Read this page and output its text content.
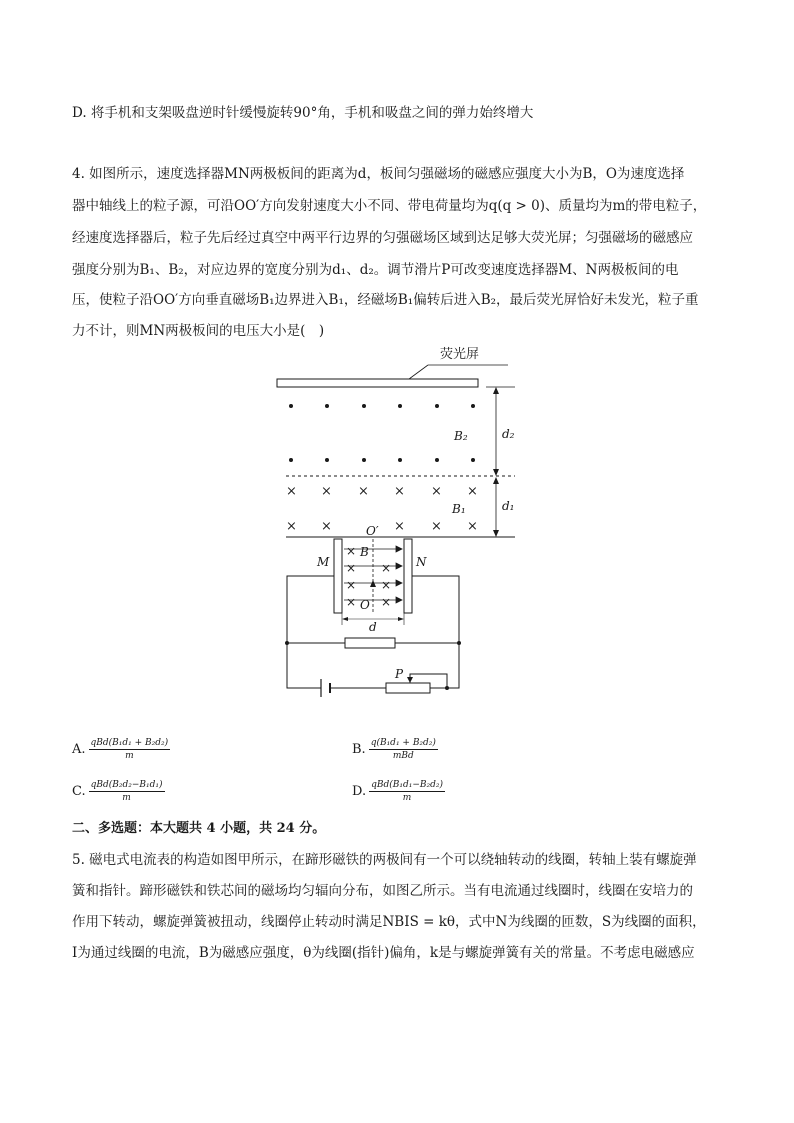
D. 将手机和支架吸盘逆时针缓慢旋转90°角，手机和吸盘之间的弹力始终增大
4. 如图所示，速度选择器MN两极板间的距离为d，板间匀强磁场的磁感应强度大小为B，O为速度选择
器中轴线上的粒子源，可沿OO′方向发射速度大小不同、带电荷量均为q(q > 0)、质量均为m的带电粒子，
经速度选择器后，粒子先后经过真空中两平行边界的匀强磁场区域到达足够大荧光屏；匀强磁场的磁感应
强度分别为B₁、B₂，对应边界的宽度分别为d₁、d₂。调节滑片P可改变速度选择器M、N两极板间的电
压，使粒子沿OO′方向垂直磁场B₁边界进入B₁，经磁场B₁偏转后进入B₂，最后荧光屏恰好未发光，粒子重
力不计，则MN两极板间的电压大小是(　)
荧光屏
B₂
× × × × × ×
× ×	× × ×
B₁
O′
d₂
d₁
M	N
×
×
×
×
×
×
×
B
O
d
P
A. $\frac{\text{qBd(B₁d₁ + B₂d₂)}}{m}$	B. $\frac{\text{q(B₁d₁ + B₂d₂)}}{\text{mBd}}$
C. $\frac{\text{qBd(B₂d₂−B₁d₁)}}{m}$	D. $\frac{\text{qBd(B₁d₁−B₂d₂)}}{m}$
二、多选题：本大题共 4 小题，共 24 分。
5. 磁电式电流表的构造如图甲所示，在蹄形磁铁的两极间有一个可以绕轴转动的线圈，转轴上装有螺旋弹
簧和指针。蹄形磁铁和铁芯间的磁场均匀辐向分布，如图乙所示。当有电流通过线圈时，线圈在安培力的
作用下转动，螺旋弹簧被扭动，线圈停止转动时满足NBIS = kθ，式中N为线圈的匝数，S为线圈的面积，
I为通过线圈的电流，B为磁感应强度，θ为线圈(指针)偏角，k是与螺旋弹簧有关的常量。不考虑电磁感应
